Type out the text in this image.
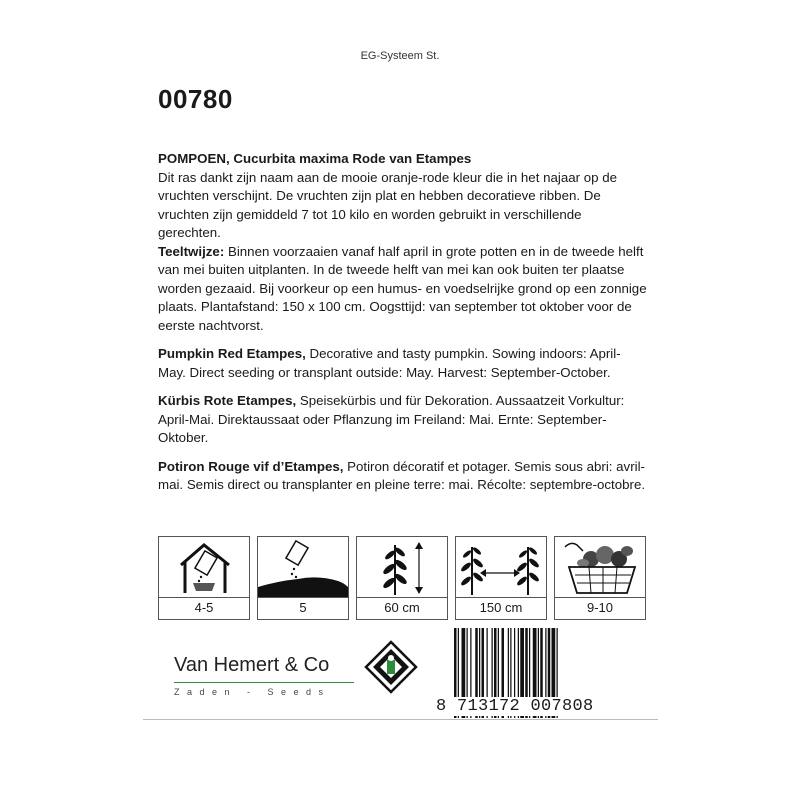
EG-Systeem St.
00780

POMPOEN, Cucurbita maxima Rode van Etampes
Dit ras dankt zijn naam aan de mooie oranje-rode kleur die in het najaar op de vruchten verschijnt. De vruchten zijn plat en hebben decoratieve ribben. De vruchten zijn gemiddeld 7 tot 10 kilo en worden gebruikt in verschillende gerechten.
Teeltwijze: Binnen voorzaaien vanaf half april in grote potten en in de tweede helft van mei buiten uitplanten. In de tweede helft van mei kan ook buiten ter plaatse worden gezaaid. Bij voorkeur op een humus- en voedselrijke grond op een zonnige plaats. Plantafstand: 150 x 100 cm. Oogsttijd: van september tot oktober voor de eerste nachtvorst.

Pumpkin Red Etampes, Decorative and tasty pumpkin. Sowing indoors: April-May. Direct seeding or transplant outside: May. Harvest: September-October.

Kürbis Rote Etampes, Speisekürbis und für Dekoration. Aussaatzeit Vorkultur: April-Mai. Direktaussaat oder Pflanzung im Freiland: Mai. Ernte: September-Oktober.

Potiron Rouge vif d’Etampes, Potiron décoratif et potager. Semis sous abri: avril-mai. Semis direct ou transplanter en pleine terre: mai. Récolte: septembre-octobre.

4-5	5	60 cm	150 cm	9-10
Van Hemert & Co
Zaden - Seeds
8 713172 007808
